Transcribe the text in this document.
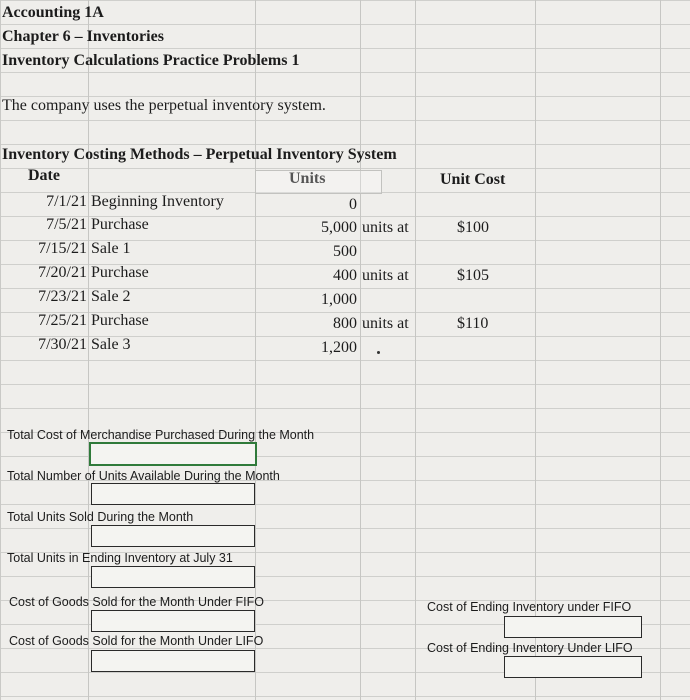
Accounting 1A
Chapter 6 – Inventories
Inventory Calculations Practice Problems 1
The company uses the perpetual inventory system.
Inventory Costing Methods – Perpetual Inventory System
Date	Units	Unit Cost
7/1/21 Beginning Inventory	0
7/5/21 Purchase	5,000 units at	$100
7/15/21 Sale 1	500
7/20/21 Purchase	400 units at	$105
7/23/21 Sale 2	1,000
7/25/21 Purchase	800 units at	$110
7/30/21 Sale 3	1,200
Total Cost of Merchandise Purchased During the Month
Total Number of Units Available During the Month
Total Units Sold During the Month
Total Units in Ending Inventory at July 31
Cost of Goods Sold for the Month Under FIFO
Cost of Goods Sold for the Month Under LIFO
Cost of Ending Inventory under FIFO
Cost of Ending Inventory Under LIFO
